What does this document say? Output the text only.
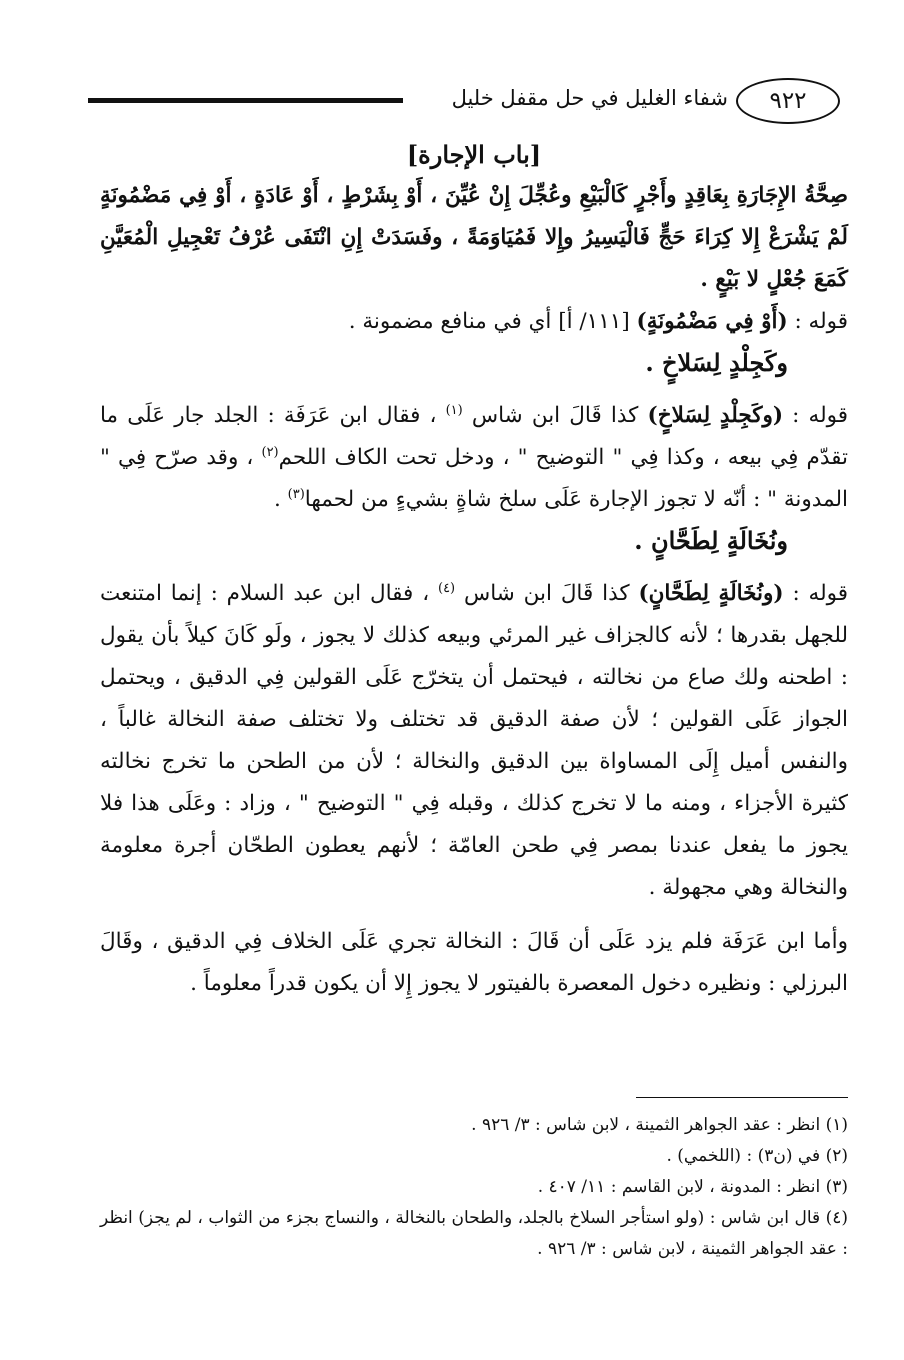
شفاء الغليل في حل مقفل خليل	٩٢٢
[باب الإجارة]

صِحَّةُ الإِجَارَةِ بِعَاقِدٍ وأَجْرٍ كَالْبَيْعِ وعُجِّلَ إِنْ عُيِّنَ ، أَوْ بِشَرْطٍ ، أَوْ عَادَةٍ ، أَوْ فِي مَضْمُونَةٍ لَمْ يَشْرَعْ إِلا كِرَاءَ حَجٍّ فَالْيَسِيرُ وإِلا فَمُيَاوَمَةً ، وفَسَدَتْ إِنِ انْتَفَى عُرْفُ تَعْجِيلِ الْمُعَيَّنِ كَمَعَ جُعْلٍ لا بَيْعٍ .

قوله : (أَوْ فِي مَضْمُونَةٍ) [١١١/ أ] أي في منافع مضمونة .

وكَجِلْدٍ لِسَلاخٍ .

قوله : (وكَجِلْدٍ لِسَلاخٍ) كذا قَالَ ابن شاس $^{(١)}$ ، فقال ابن عَرَفَة : الجلد جار عَلَى ما تقدّم فِي بيعه ، وكذا فِي " التوضيح " ، ودخل تحت الكاف اللحم$^{(٢)}$ ، وقد صرّح فِي " المدونة " : أنّه لا تجوز الإجارة عَلَى سلخ شاةٍ بشيءٍ من لحمها$^{(٣)}$ .

ونُخَالَةٍ لِطَحَّانٍ .

قوله : (ونُخَالَةٍ لِطَحَّانٍ) كذا قَالَ ابن شاس $^{(٤)}$ ، فقال ابن عبد السلام : إنما امتنعت للجهل بقدرها ؛ لأنه كالجزاف غير المرئي وبيعه كذلك لا يجوز ، ولَو كَانَ كيلاً بأن يقول : اطحنه ولك صاع من نخالته ، فيحتمل أن يتخرّج عَلَى القولين فِي الدقيق ، ويحتمل الجواز عَلَى القولين ؛ لأن صفة الدقيق قد تختلف ولا تختلف صفة النخالة غالباً ، والنفس أميل إِلَى المساواة بين الدقيق والنخالة ؛ لأن من الطحن ما تخرج نخالته كثيرة الأجزاء ، ومنه ما لا تخرج كذلك ، وقبله فِي " التوضيح " ، وزاد : وعَلَى هذا فلا يجوز ما يفعل عندنا بمصر فِي طحن العامّة ؛ لأنهم يعطون الطحّان أجرة معلومة والنخالة وهي مجهولة .

وأما ابن عَرَفَة فلم يزد عَلَى أن قَالَ : النخالة تجري عَلَى الخلاف فِي الدقيق ، وقَالَ البرزلي : ونظيره دخول المعصرة بالفيتور لا يجوز إِلا أن يكون قدراً معلوماً .

(١) انظر : عقد الجواهر الثمينة ، لابن شاس : ٣/ ٩٢٦ .

(٢) في (ن٣) : (اللخمي) .

(٣) انظر : المدونة ، لابن القاسم : ١١/ ٤٠٧ .

(٤) قال ابن شاس : (ولو استأجر السلاخ بالجلد، والطحان بالنخالة ، والنساج بجزء من الثواب ، لم يجز) انظر : عقد الجواهر الثمينة ، لابن شاس : ٣/ ٩٢٦ .
